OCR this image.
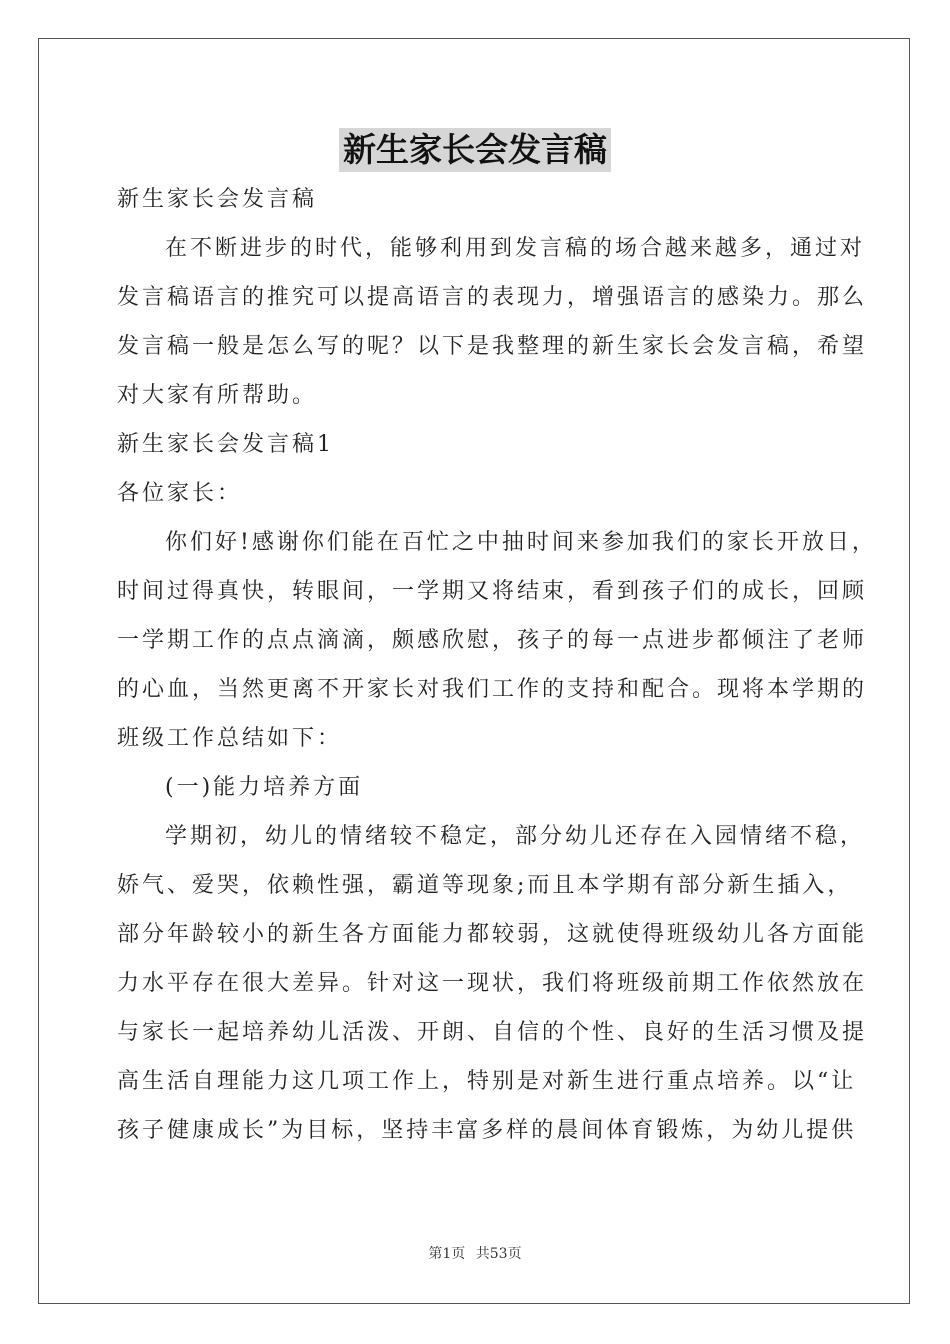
新生家长会发言稿
新生家长会发言稿
在不断进步的时代，能够利用到发言稿的场合越来越多，通过对
发言稿语言的推究可以提高语言的表现力，增强语言的感染力。那么
发言稿一般是怎么写的呢？以下是我整理的新生家长会发言稿，希望
对大家有所帮助。
新生家长会发言稿1
各位家长：
你们好!感谢你们能在百忙之中抽时间来参加我们的家长开放日，
时间过得真快，转眼间，一学期又将结束，看到孩子们的成长，回顾
一学期工作的点点滴滴，颇感欣慰，孩子的每一点进步都倾注了老师
的心血，当然更离不开家长对我们工作的支持和配合。现将本学期的
班级工作总结如下：
(一)能力培养方面
学期初，幼儿的情绪较不稳定，部分幼儿还存在入园情绪不稳，
娇气、爱哭，依赖性强，霸道等现象;而且本学期有部分新生插入，
部分年龄较小的新生各方面能力都较弱，这就使得班级幼儿各方面能
力水平存在很大差异。针对这一现状，我们将班级前期工作依然放在
与家长一起培养幼儿活泼、开朗、自信的个性、良好的生活习惯及提
高生活自理能力这几项工作上，特别是对新生进行重点培养。以“让
孩子健康成长”为目标，坚持丰富多样的晨间体育锻炼，为幼儿提供
第1页 共53页
